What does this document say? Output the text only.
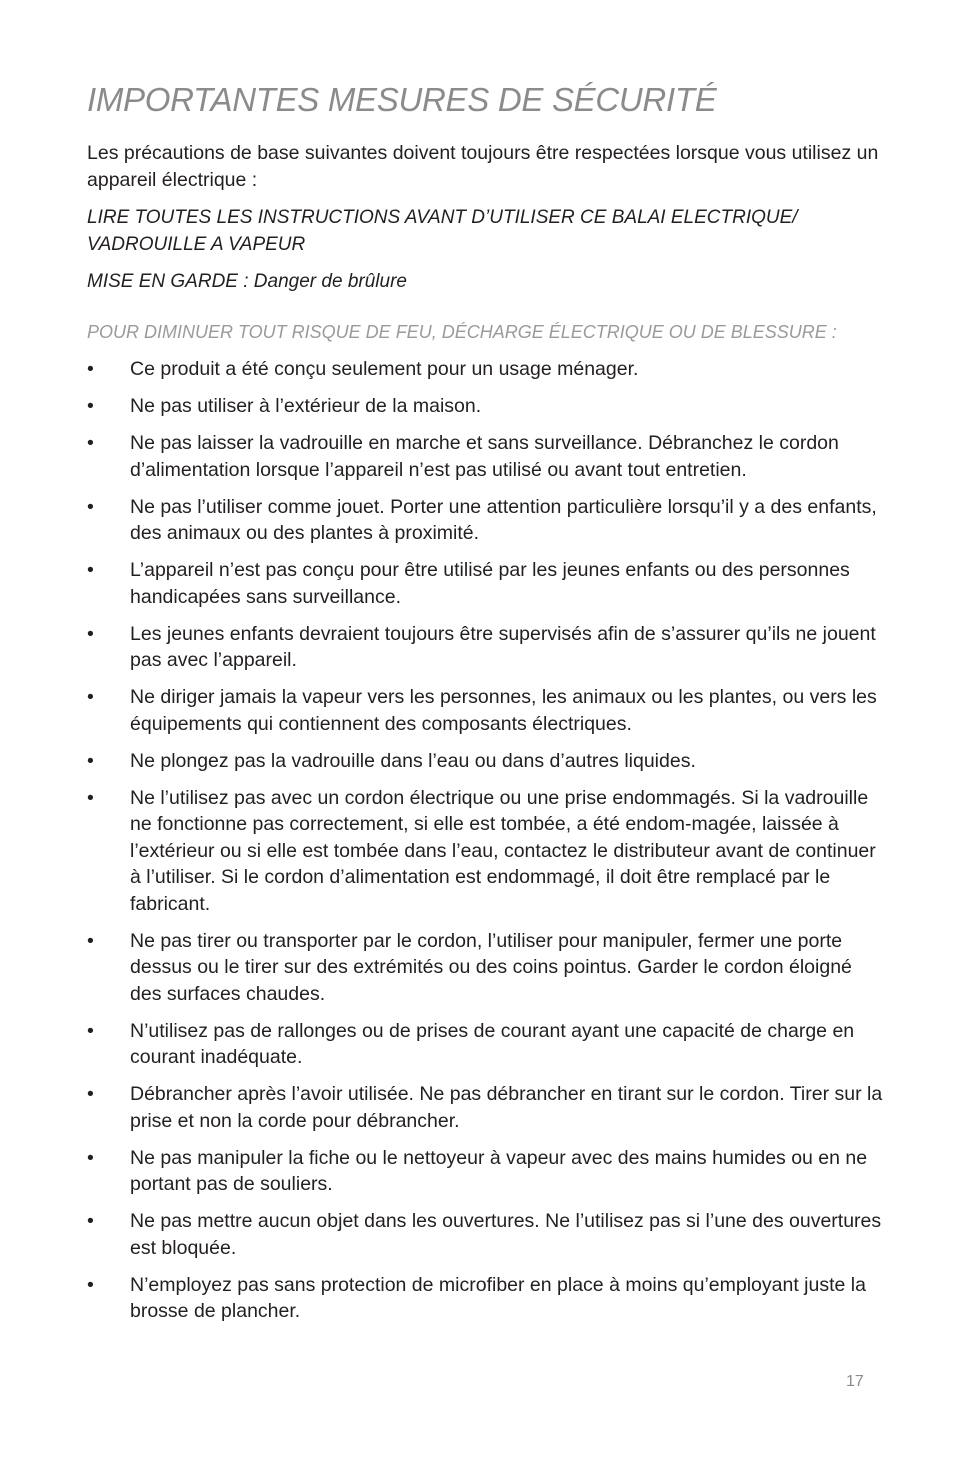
IMPORTANTES MESURES DE SÉCURITÉ

Les précautions de base suivantes doivent toujours être respectées lorsque vous utilisez un appareil électrique :

LIRE TOUTES LES INSTRUCTIONS AVANT D’UTILISER CE BALAI ELECTRIQUE/ VADROUILLE A VAPEUR

MISE EN GARDE : Danger de brûlure

POUR DIMINUER TOUT RISQUE DE FEU, DÉCHARGE ÉLECTRIQUE OU DE BLESSURE :

• Ce produit a été conçu seulement pour un usage ménager.
• Ne pas utiliser à l’extérieur de la maison.
• Ne pas laisser la vadrouille en marche et sans surveillance. Débranchez le cordon d’alimentation lorsque l’appareil n’est pas utilisé ou avant tout entretien.
• Ne pas l’utiliser comme jouet. Porter une attention particulière lorsqu’il y a des enfants, des animaux ou des plantes à proximité.
• L’appareil n’est pas conçu pour être utilisé par les jeunes enfants ou des personnes handicapées sans surveillance.
• Les jeunes enfants devraient toujours être supervisés afin de s’assurer qu’ils ne jouent pas avec l’appareil.
• Ne diriger jamais la vapeur vers les personnes, les animaux ou les plantes, ou vers les équipements qui contiennent des composants électriques.
• Ne plongez pas la vadrouille dans l’eau ou dans d’autres liquides.
• Ne l’utilisez pas avec un cordon électrique ou une prise endommagés. Si la vadrouille ne fonctionne pas correctement, si elle est tombée, a été endom-magée, laissée à l’extérieur ou si elle est tombée dans l’eau, contactez le distributeur avant de continuer à l’utiliser. Si le cordon d’alimentation est endommagé, il doit être remplacé par le fabricant.
• Ne pas tirer ou transporter par le cordon, l’utiliser pour manipuler, fermer une porte dessus ou le tirer sur des extrémités ou des coins pointus. Garder le cordon éloigné des surfaces chaudes.
• N’utilisez pas de rallonges ou de prises de courant ayant une capacité de charge en courant inadéquate.
• Débrancher après l’avoir utilisée. Ne pas débrancher en tirant sur le cordon. Tirer sur la prise et non la corde pour débrancher.
• Ne pas manipuler la fiche ou le nettoyeur à vapeur avec des mains humides ou en ne portant pas de souliers.
• Ne pas mettre aucun objet dans les ouvertures. Ne l’utilisez pas si l’une des ouvertures est bloquée.
• N’employez pas sans protection de microfiber en place à moins qu’employant juste la brosse de plancher.
17
